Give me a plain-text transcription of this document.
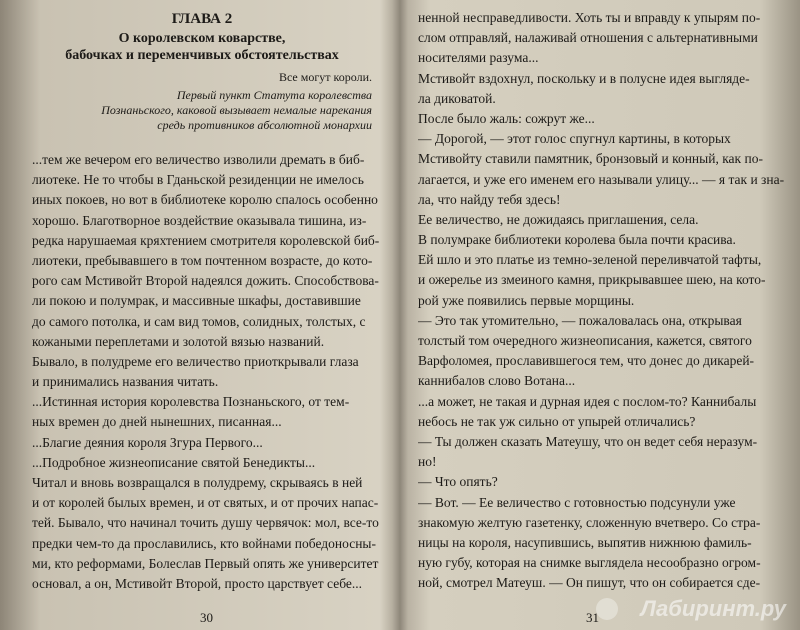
ГЛАВА 2
О королевском коварстве,
бабочках и переменчивых обстоятельствах
Все могут короли.
Первый пункт Статута королевства
Познаньского, каковой вызывает немалые нарекания
средь противников абсолютной монархии
...тем же вечером его величество изволили дремать в биб-
лиотеке. Не то чтобы в Гданьской резиденции не имелось
иных покоев, но вот в библиотеке королю спалось особенно
хорошо. Благотворное воздействие оказывала тишина, из-
редка нарушаемая кряхтением смотрителя королевской биб-
лиотеки, пребывавшего в том почтенном возрасте, до кото-
рого сам Мстивойт Второй надеялся дожить. Способствова-
ли покою и полумрак, и массивные шкафы, доставившие
до самого потолка, и сам вид томов, солидных, толстых, с
кожаными переплетами и золотой вязью названий.
Бывало, в полудреме его величество приоткрывали глаза
и принимались названия читать.
...Истинная история королевства Познаньского, от тем-
ных времен до дней нынешних, писанная...
...Благие деяния короля Згура Первого...
...Подробное жизнеописание святой Бенедикты...
Читал и вновь возвращался в полудрему, скрываясь в ней
и от королей былых времен, и от святых, и от прочих напас-
тей. Бывало, что начинал точить душу червячок: мол, все-то
предки чем-то да прославились, кто войнами победоносны-
ми, кто реформами, Болеслав Первый опять же университет
основал, а он, Мстивойт Второй, просто царствует себе...
30
ненной несправедливости. Хоть ты и вправду к упырям по-
слом отправляй, налаживай отношения с альтернативными
носителями разума...
Мстивойт вздохнул, поскольку и в полусне идея выгляде-
ла диковатой.
После было жаль: сожрут же...
— Дорогой, — этот голос спугнул картины, в которых
Мстивойту ставили памятник, бронзовый и конный, как по-
лагается, и уже его именем его называли улицу... — я так и зна-
ла, что найду тебя здесь!
Ее величество, не дожидаясь приглашения, села.
В полумраке библиотеки королева была почти красива.
Ей шло и это платье из темно-зеленой переливчатой тафты,
и ожерелье из змеиного камня, прикрывавшее шею, на кото-
рой уже появились первые морщины.
— Это так утомительно, — пожаловалась она, открывая
толстый том очередного жизнеописания, кажется, святого
Варфоломея, прославившегося тем, что донес до дикарей-
каннибалов слово Вотана...
...а может, не такая и дурная идея с послом-то? Каннибалы
небось не так уж сильно от упырей отличались?
— Ты должен сказать Матеушу, что он ведет себя неразум-
но!
— Что опять?
— Вот. — Ее величество с готовностью подсунули уже
знакомую желтую газетенку, сложенную вчетверо. Со стра-
ницы на короля, насупившись, выпятив нижнюю фамиль-
ную губу, которая на снимке выглядела несообразно огром-
ной, смотрел Матеуш. — Он пишут, что он собирается сде-
31 Лабиринт.ру
